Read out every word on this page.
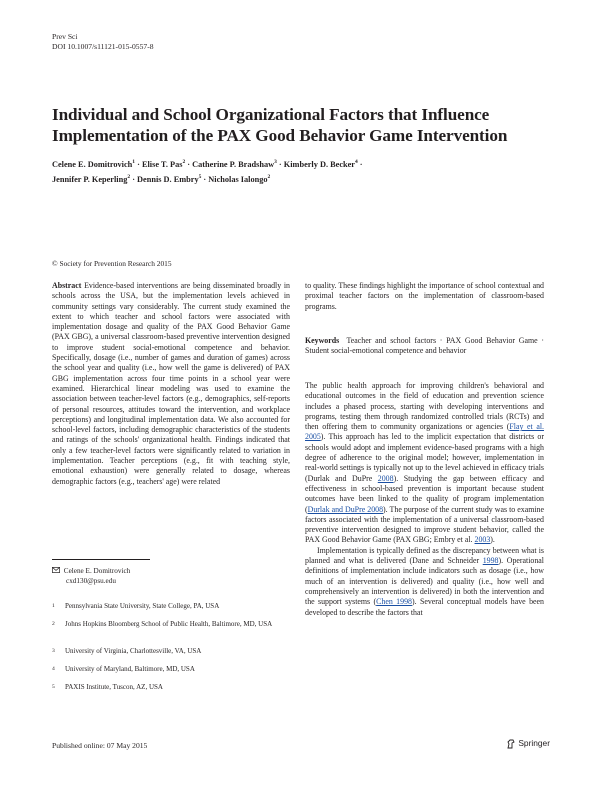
Prev Sci
DOI 10.1007/s11121-015-0557-8
Individual and School Organizational Factors that Influence
Implementation of the PAX Good Behavior Game Intervention
Celene E. Domitrovich$^1$ · Elise T. Pas$^2$ · Catherine P. Bradshaw$^3$ · Kimberly D. Becker$^4$ ·
Jennifer P. Keperling$^2$ · Dennis D. Embry$^5$ · Nicholas Ialongo$^2$
© Society for Prevention Research 2015

Abstract Evidence-based interventions are being disseminated broadly in schools across the USA, but the implementation levels achieved in community settings vary considerably. The current study examined the extent to which teacher and school factors were associated with implementation dosage and quality of the PAX Good Behavior Game (PAX GBG), a universal classroom-based preventive intervention designed to improve student social-emotional competence and behavior. Specifically, dosage (i.e., number of games and duration of games) across the school year and quality (i.e., how well the game is delivered) of PAX GBG implementation across four time points in a school year were examined. Hierarchical linear modeling was used to examine the association between teacher-level factors (e.g., demographics, self-reports of personal resources, attitudes toward the intervention, and workplace perceptions) and longitudinal implementation data. We also accounted for school-level factors, including demographic characteristics of the students and ratings of the schools' organizational health. Findings indicated that only a few teacher-level factors were significantly related to variation in implementation. Teacher perceptions (e.g., fit with teaching style, emotional exhaustion) were generally related to dosage, whereas demographic factors (e.g., teachers' age) were related

to quality. These findings highlight the importance of school contextual and proximal teacher factors on the implementation of classroom-based programs.
Keywords Teacher and school factors · PAX Good Behavior Game · Student social-emotional competence and behavior

The public health approach for improving children's behavioral and educational outcomes in the field of education and prevention science includes a phased process, starting with developing interventions and programs, testing them through randomized controlled trials (RCTs) and then offering them to community organizations or agencies (Flay et al. 2005). This approach has led to the implicit expectation that districts or schools would adopt and implement evidence-based programs with a high degree of adherence to the original model; however, implementation in real-world settings is typically not up to the level achieved in efficacy trials (Durlak and DuPre 2008). Studying the gap between efficacy and effectiveness in school-based prevention is important because student outcomes have been linked to the quality of program implementation (Durlak and DuPre 2008). The purpose of the current study was to examine factors associated with the implementation of a universal classroom-based preventive intervention designed to improve student behavior, called the PAX Good Behavior Game (PAX GBG; Embry et al. 2003).

Implementation is typically defined as the discrepancy between what is planned and what is delivered (Dane and Schneider 1998). Operational definitions of implementation include indicators such as dosage (i.e., how much of an intervention is delivered) and quality (i.e., how well and comprehensively an intervention is delivered) in both the intervention and the support systems (Chen 1998). Several conceptual models have been developed to describe the factors that

Celene E. Domitrovich
cxd130@psu.edu
1 Pennsylvania State University, State College, PA, USA
2 Johns Hopkins Bloomberg School of Public Health, Baltimore, MD, USA
3 University of Virginia, Charlottesville, VA, USA
4 University of Maryland, Baltimore, MD, USA
5 PAXIS Institute, Tuscon, AZ, USA
Published online: 07 May 2015	Springer
